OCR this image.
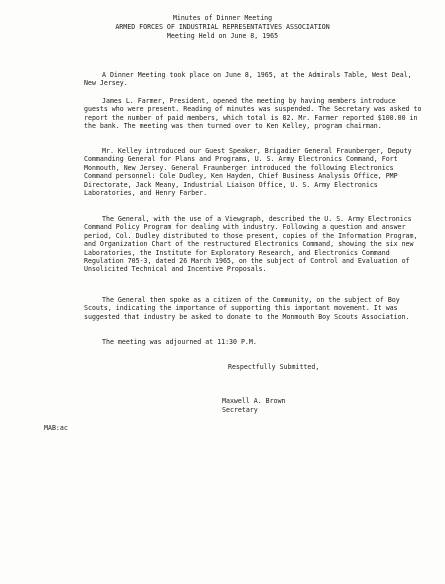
Minutes of Dinner Meeting
ARMED FORCES OF INDUSTRIAL REPRESENTATIVES ASSOCIATION
Meeting Held on June 8, 1965
A Dinner Meeting took place on June 8, 1965, at the Admirals Table, West Deal, New Jersey.
James L. Farmer, President, opened the meeting by having members introduce guests who were present. Reading of minutes was suspended. The Secretary was asked to report the number of paid members, which total is 82. Mr. Farmer reported $100.00 in the bank. The meeting was then turned over to Ken Kelley, program chairman.
Mr. Kelley introduced our Guest Speaker, Brigadier General Fraunberger, Deputy Commanding General for Plans and Programs, U. S. Army Electronics Command, Fort Monmouth, New Jersey. General Fraunberger introduced the following Electronics Command personnel: Cole Dudley, Ken Hayden, Chief Business Analysis Office, PMP Directorate, Jack Meany, Industrial Liaison Office, U. S. Army Electronics Laboratories, and Henry Farber.
The General, with the use of a Viewgraph, described the U. S. Army Electronics Command Policy Program for dealing with industry. Following a question and answer period, Col. Dudley distributed to those present, copies of the Information Program, and Organization Chart of the restructured Electronics Command, showing the six new Laboratories, the Institute for Exploratory Research, and Electronics Command Regulation 705-3, dated 26 March 1965, on the subject of Control and Evaluation of Unsolicited Technical and Incentive Proposals.
The General then spoke as a citizen of the Community, on the subject of Boy Scouts, indicating the importance of supporting this important movement. It was suggested that industry be asked to donate to the Monmouth Boy Scouts Association.
The meeting was adjourned at 11:30 P.M.
Respectfully Submitted,
Maxwell A. Brown
Secretary
MAB:ac
